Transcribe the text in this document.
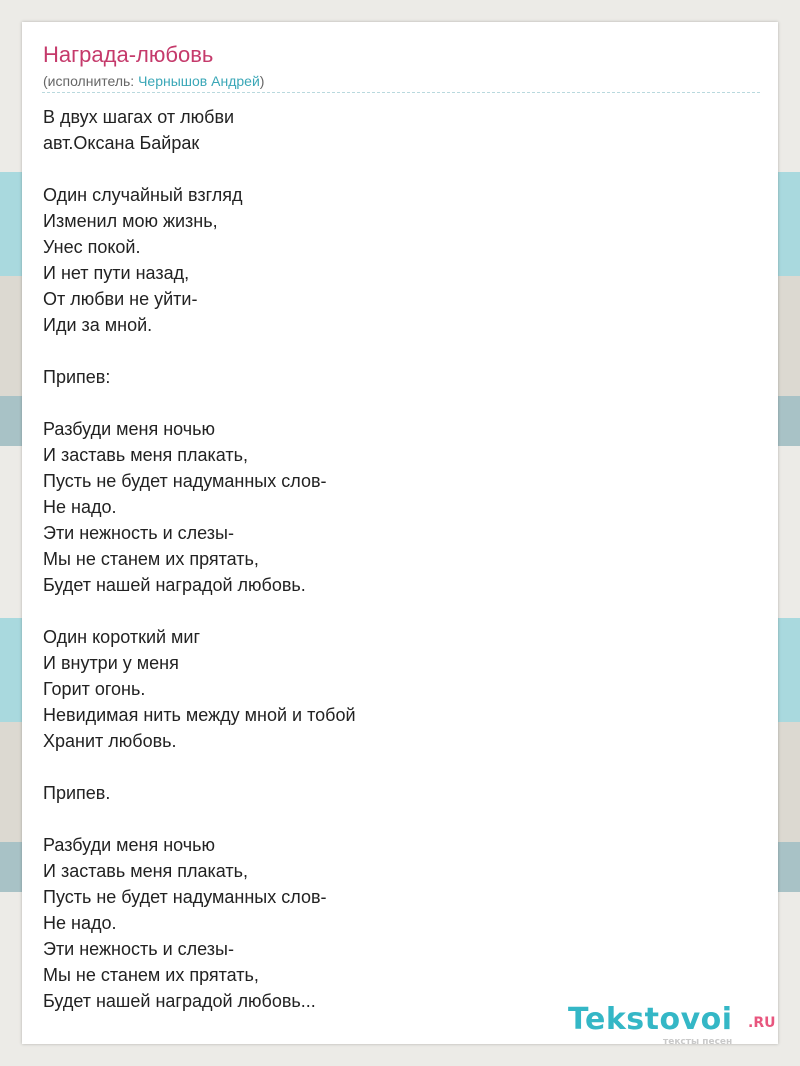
Награда-любовь
(исполнитель: Чернышов Андрей)
В двух шагах от любви
авт.Оксана Байрак
Один случайный взгляд
Изменил мою жизнь,
Унес покой.
И нет пути назад,
От любви не уйти-
Иди за мной.
Припев:
Разбуди меня ночью
И заставь меня плакать,
Пусть не будет надуманных слов-
Не надо.
Эти нежность и слезы-
Мы не станем их прятать,
Будет нашей наградой любовь.
Один короткий миг
И внутри у меня
Горит огонь.
Невидимая нить между мной и тобой
Хранит любовь.
Припев.
Разбуди меня ночью
И заставь меня плакать,
Пусть не будет надуманных слов-
Не надо.
Эти нежность и слезы-
Мы не станем их прятать,
Будет нашей наградой любовь...
Tekstovoi .RU
тексты песен
